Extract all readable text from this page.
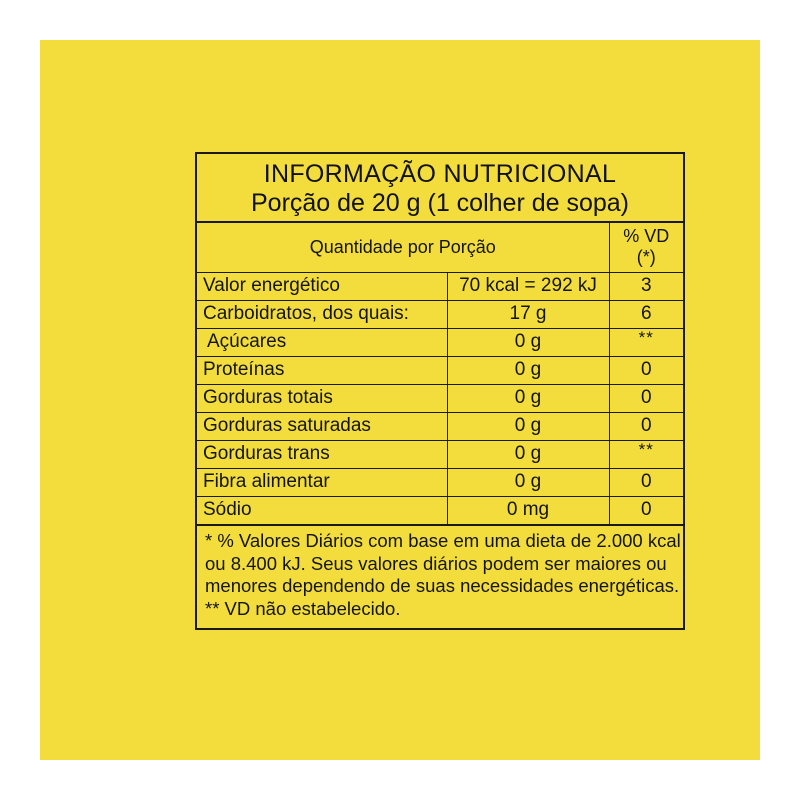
INFORMAÇÃO NUTRICIONAL
Porção de 20 g (1 colher de sopa)
Quantidade por Porção		% VD (*)
Valor energético	70 kcal = 292 kJ	3
Carboidratos, dos quais:	17 g	6
Açúcares	0 g	**
Proteínas	0 g	0
Gorduras totais	0 g	0
Gorduras saturadas	0 g	0
Gorduras trans	0 g	**
Fibra alimentar	0 g	0
Sódio	0 mg	0
* % Valores Diários com base em uma dieta de 2.000 kcal
ou 8.400 kJ. Seus valores diários podem ser maiores ou
menores dependendo de suas necessidades energéticas.
** VD não estabelecido.
